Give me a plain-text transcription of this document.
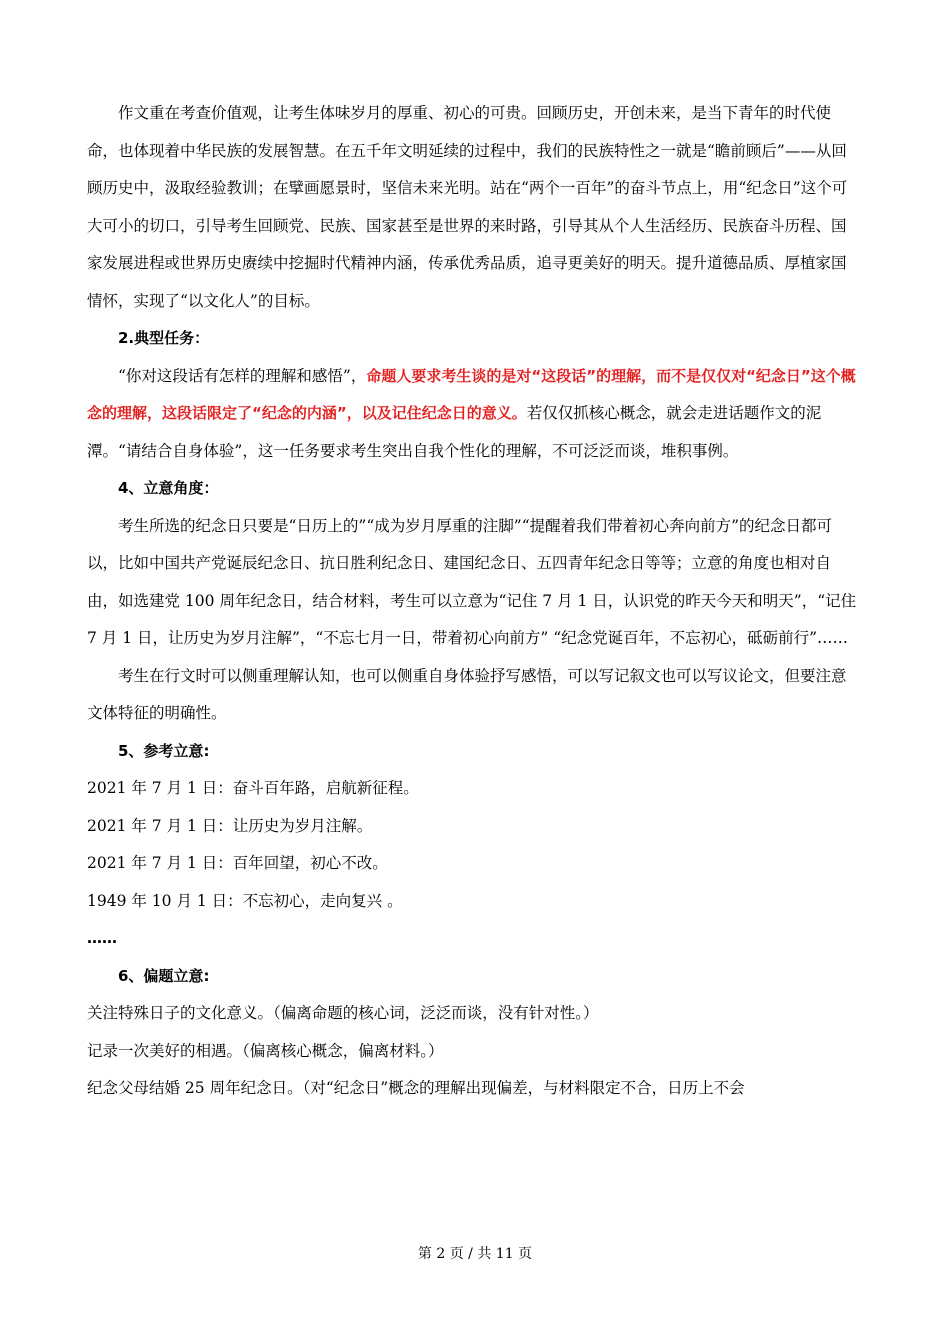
作文重在考查价值观，让考生体味岁月的厚重、初心的可贵。回顾历史，开创未来，是当下青年的时代使命，也体现着中华民族的发展智慧。在五千年文明延续的过程中，我们的民族特性之一就是“瞻前顾后”——从回顾历史中，汲取经验教训；在擘画愿景时，坚信未来光明。站在“两个一百年”的奋斗节点上，用“纪念日”这个可大可小的切口，引导考生回顾党、民族、国家甚至是世界的来时路，引导其从个人生活经历、民族奋斗历程、国家发展进程或世界历史赓续中挖掘时代精神内涵，传承优秀品质，追寻更美好的明天。提升道德品质、厚植家国情怀，实现了“以文化人”的目标。

2.典型任务：

“你对这段话有怎样的理解和感悟”，命题人要求考生谈的是对“这段话”的理解，而不是仅仅对“纪念日”这个概念的理解，这段话限定了“纪念的内涵”，以及记住纪念日的意义。若仅仅抓核心概念，就会走进话题作文的泥潭。“请结合自身体验”，这一任务要求考生突出自我个性化的理解，不可泛泛而谈，堆积事例。

4、立意角度：

考生所选的纪念日只要是“日历上的”“成为岁月厚重的注脚”“提醒着我们带着初心奔向前方”的纪念日都可以，比如中国共产党诞辰纪念日、抗日胜利纪念日、建国纪念日、五四青年纪念日等等；立意的角度也相对自由，如选建党 100 周年纪念日，结合材料，考生可以立意为“记住 7 月 1 日，认识党的昨天今天和明天”，“记住 7 月 1 日，让历史为岁月注解”，“不忘七月一日，带着初心向前方” “纪念党诞百年，不忘初心，砥砺前行”……

考生在行文时可以侧重理解认知，也可以侧重自身体验抒写感悟，可以写记叙文也可以写议论文，但要注意文体特征的明确性。

5、参考立意:

2021 年 7 月 1 日：奋斗百年路，启航新征程。

2021 年 7 月 1 日：让历史为岁月注解。

2021 年 7 月 1 日：百年回望，初心不改。

1949 年 10 月 1 日：不忘初心，走向复兴 。

……

6、偏题立意:

关注特殊日子的文化意义。（偏离命题的核心词，泛泛而谈，没有针对性。）

记录一次美好的相遇。（偏离核心概念，偏离材料。）

纪念父母结婚 25 周年纪念日。（对“纪念日”概念的理解出现偏差，与材料限定不合，日历上不会

第 2 页 / 共 11 页
